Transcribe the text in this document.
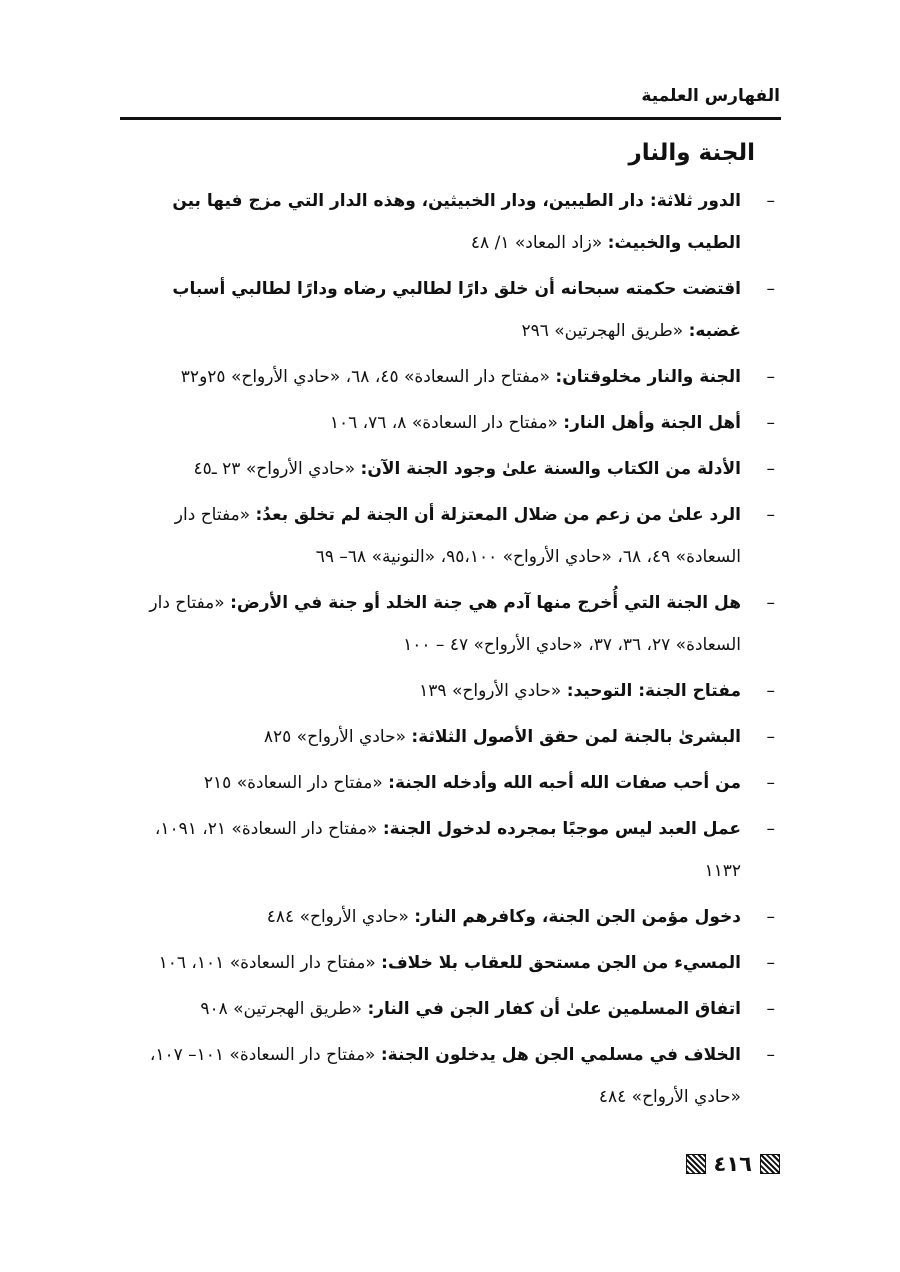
الفهارس العلمية
الجنة والنار
–
الدور ثلاثة: دار الطيبين، ودار الخبيثين، وهذه الدار التي مزج فيها بين الطيب والخبيث: «زاد المعاد» ١/ ٤٨
–
اقتضت حكمته سبحانه أن خلق دارًا لطالبي رضاه ودارًا لطالبي أسباب غضبه: «طريق الهجرتين» ٢٩٦
–
الجنة والنار مخلوقتان: «مفتاح دار السعادة» ٤٥، ٦٨، «حادي الأرواح» ٢٥و٣٢
–
أهل الجنة وأهل النار: «مفتاح دار السعادة» ٨، ٧٦، ١٠٦
–
الأدلة من الكتاب والسنة علىٰ وجود الجنة الآن: «حادي الأرواح» ٢٣ ـ٤٥
–
الرد علىٰ من زعم من ضلال المعتزلة أن الجنة لم تخلق بعدُ: «مفتاح دار السعادة» ٤٩، ٦٨، «حادي الأرواح» ٩٥،١٠٠، «النونية» ٦٨– ٦٩
–
هل الجنة التي أُخرج منها آدم هي جنة الخلد أو جنة في الأرض: «مفتاح دار السعادة» ٢٧، ٣٦، ٣٧، «حادي الأرواح» ٤٧ – ١٠٠
–
مفتاح الجنة: التوحيد: «حادي الأرواح» ١٣٩
–
البشرىٰ بالجنة لمن حقق الأصول الثلاثة: «حادي الأرواح» ٨٢٥
–
من أحب صفات الله أحبه الله وأدخله الجنة: «مفتاح دار السعادة» ٢١٥
–
عمل العبد ليس موجبًا بمجرده لدخول الجنة: «مفتاح دار السعادة» ٢١، ١٠٩١، ١١٣٢
–
دخول مؤمن الجن الجنة، وكافرهم النار: «حادي الأرواح» ٤٨٤
–
المسيء من الجن مستحق للعقاب بلا خلاف: «مفتاح دار السعادة» ١٠١، ١٠٦
–
اتفاق المسلمين علىٰ أن كفار الجن في النار: «طريق الهجرتين» ٩٠٨
–
الخلاف في مسلمي الجن هل يدخلون الجنة: «مفتاح دار السعادة» ١٠١– ١٠٧، «حادي الأرواح» ٤٨٤
٤١٦
